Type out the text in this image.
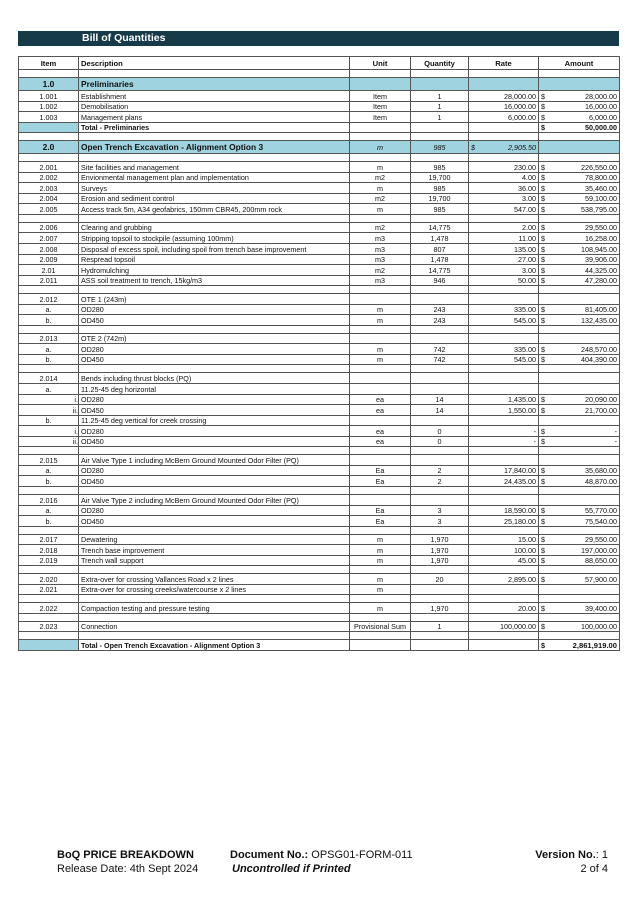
Bill of Quantities
Item	Description	Unit	Quantity	Rate	Amount	

1.0	Preliminaries					
1.001	Establishment	Item	1	28,000.00	$	28,000.00
1.002	Demobilisation	Item	1	16,000.00	$	16,000.00
1.003	Management plans	Item	1	6,000.00	$	6,000.00
	Total - Preliminaries				$	50,000.00

2.0	Open Trench Excavation - Alignment Option 3	m	985	$ 2,905.50		

2.001	Site facilities and management	m	985	230.00	$	226,550.00
2.002	Envionmental management plan and implementation	m2	19,700	4.00	$	78,800.00
2.003	Surveys	m	985	36.00	$	35,460.00
2.004	Erosion and sediment control	m2	19,700	3.00	$	59,100.00
2.005	Access track 5m, A34 geofabrics, 150mm CBR45, 200mm rock	m	985	547.00	$	538,795.00

2.006	Clearing and grubbing	m2	14,775	2.00	$	29,550.00
2.007	Stripping topsoil to stockpile (assuming 100mm)	m3	1,478	11.00	$	16,258.00
2.008	Disposal of excess spoil, including spoil from trench base improvement	m3	807	135.00	$	108,945.00
2.009	Respread topsoil	m3	1,478	27.00	$	39,906.00
2.01	Hydromulching	m2	14,775	3.00	$	44,325.00
2.011	ASS soil treatment to trench, 15kg/m3	m3	946	50.00	$	47,280.00

2.012	OTE 1 (243m)					
a.	OD280	m	243	335.00	$	81,405.00
b.	OD450	m	243	545.00	$	132,435.00

2.013	OTE 2 (742m)					
a.	OD280	m	742	335.00	$	248,570.00
b.	OD450	m	742	545.00	$	404,390.00

2.014	Bends including thrust blocks (PQ)					
a.	11.25-45 deg horizontal					
i.	OD280	ea	14	1,435.00	$	20,090.00
ii.	OD450	ea	14	1,550.00	$	21,700.00
b.	11.25-45 deg vertical for creek crossing					
i.	OD280	ea	0	-	$	-
ii.	OD450	ea	0	-	$	-

2.015	Air Valve Type 1 including McBern Ground Mounted Odor Filter (PQ)					
a.	OD280	Ea	2	17,840.00	$	35,680.00
b.	OD450	Ea	2	24,435.00	$	48,870.00

2.016	Air Valve Type 2 including McBern Ground Mounted Odor Filter (PQ)					
a.	OD280	Ea	3	18,590.00	$	55,770.00
b.	OD450	Ea	3	25,180.00	$	75,540.00

2.017	Dewatering	m	1,970	15.00	$	29,550.00
2.018	Trench base improvement	m	1,970	100.00	$	197,000.00
2.019	Trench wall support	m	1,970	45.00	$	88,650.00

2.020	Extra-over for crossing Vallances Road x 2 lines	m	20	2,895.00	$	57,900.00
2.021	Extra-over for crossing creeks/watercourse x 2 lines	m				

2.022	Compaction testing and pressure testing	m	1,970	20.00	$	39,400.00

2.023	Connection	Provisional Sum	1	100,000.00	$	100,000.00

	Total - Open Trench Excavation - Alignment Option 3				$	2,861,919.00
BoQ PRICE BREAKDOWN
Release Date: 4th Sept 2024
Document No.: OPSG01-FORM-011
Uncontrolled if Printed
Version No.: 1
2 of 4
